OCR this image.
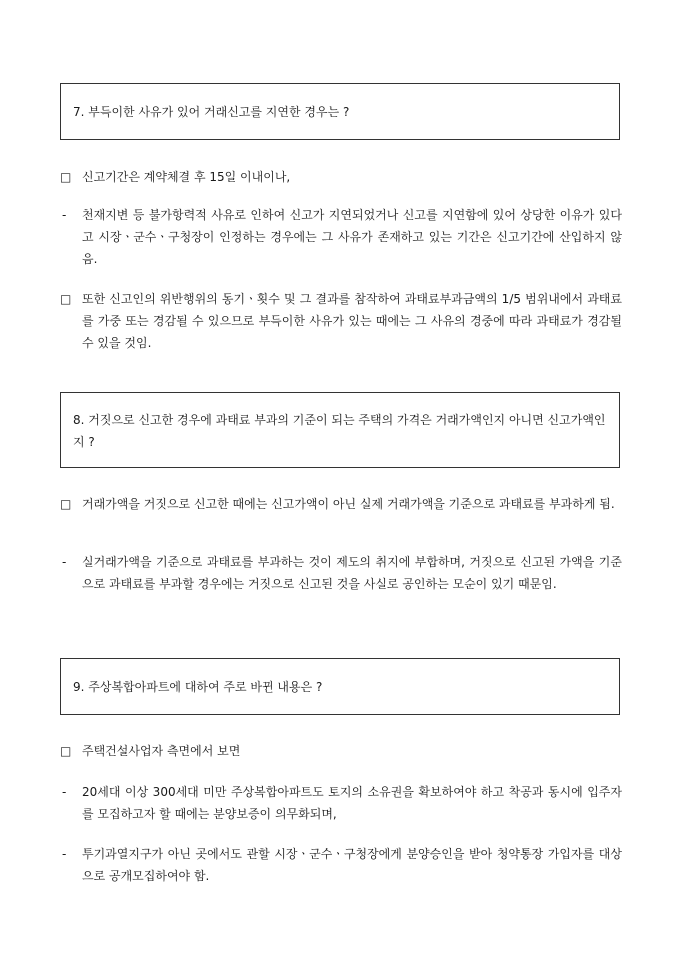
7. 부득이한 사유가 있어 거래신고를 지연한 경우는 ?
□ 신고기간은 계약체결 후 15일 이내이나,
-	천재지변 등 불가항력적 사유로 인하여 신고가 지연되었거나 신고를 지연함에 있어 상당한 이유가 있다고 시장ㆍ군수ㆍ구청장이 인정하는 경우에는 그 사유가 존재하고 있는 기간은 신고기간에 산입하지 않음.
□ 또한 신고인의 위반행위의 동기ㆍ횟수 및 그 결과를 참작하여 과태료부과금액의 1/5 범위내에서 과태료를 가중 또는 경감될 수 있으므로 부득이한 사유가 있는 때에는 그 사유의 경중에 따라 과태료가 경감될 수 있을 것임.
8. 거짓으로 신고한 경우에 과태료 부과의 기준이 되는 주택의 가격은 거래가액인지 아니면 신고가액인지 ?
□ 거래가액을 거짓으로 신고한 때에는 신고가액이 아닌 실제 거래가액을 기준으로 과태료를 부과하게 됨.
-	실거래가액을 기준으로 과태료를 부과하는 것이 제도의 취지에 부합하며, 거짓으로 신고된 가액을 기준으로 과태료를 부과할 경우에는 거짓으로 신고된 것을 사실로 공인하는 모순이 있기 때문임.
9. 주상복합아파트에 대하여 주로 바뀐 내용은 ?
□ 주택건설사업자 측면에서 보면
-	20세대 이상 300세대 미만 주상복합아파트도 토지의 소유권을 확보하여야 하고 착공과 동시에 입주자를 모집하고자 할 때에는 분양보증이 의무화되며,
-	투기과열지구가 아닌 곳에서도 관할 시장ㆍ군수ㆍ구청장에게 분양승인을 받아 청약통장 가입자를 대상으로 공개모집하여야 함.
